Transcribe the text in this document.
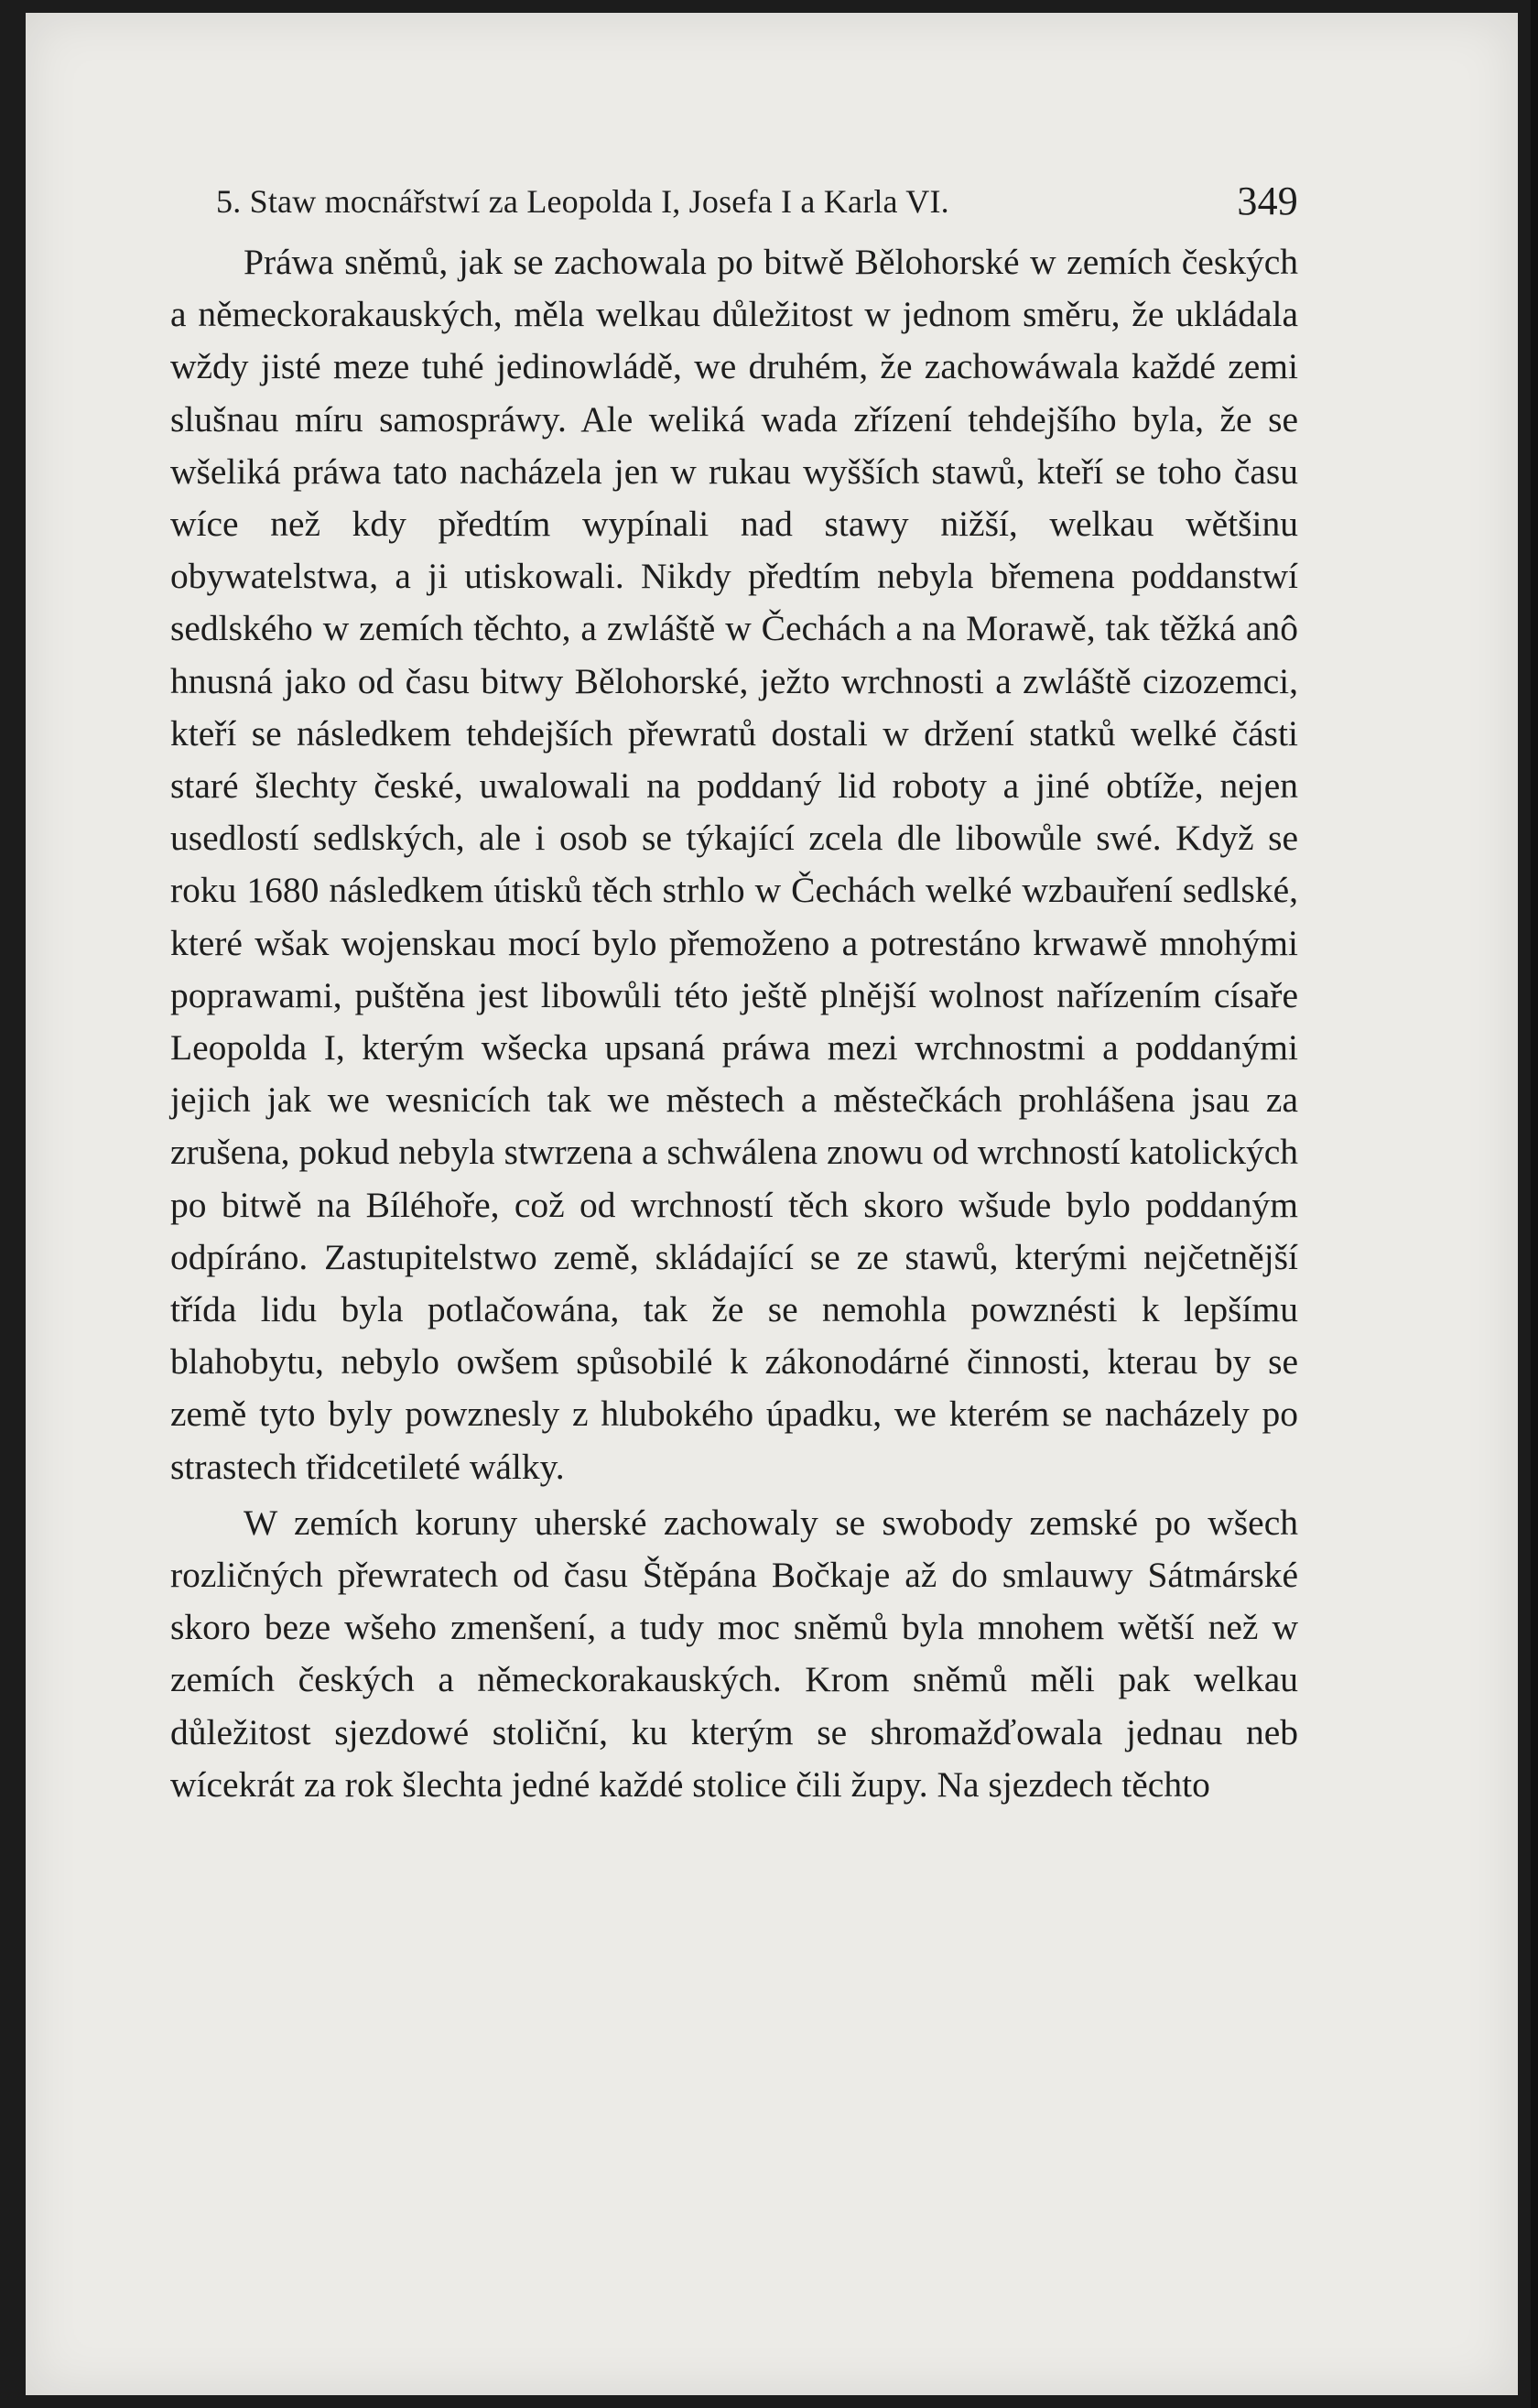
5. Staw mocnářstwí za Leopolda I, Josefa I a Karla VI.	349

Práwa sněmů, jak se zachowala po bitwě Bělohorské w zemích českých a německorakauských, měla welkau důležitost w jednom směru, že ukládala wždy jisté meze tuhé jedinowládě, we druhém, že zachowáwala každé zemi slušnau míru samospráwy. Ale weliká wada zřízení tehdejšího byla, že se wšeliká práwa tato nacházela jen w rukau wyšších stawů, kteří se toho času wíce než kdy předtím wypínali nad stawy nižší, welkau wětšinu obywatelstwa, a ji utiskowali. Nikdy předtím nebyla břemena poddanstwí sedlského w zemích těchto, a zwláště w Čechách a na Morawě, tak těžká anô hnusná jako od času bitwy Bělohorské, ježto wrchnosti a zwláště cizozemci, kteří se následkem tehdejších přewratů dostali w držení statků welké části staré šlechty české, uwalowali na poddaný lid roboty a jiné obtíže, nejen usedlostí sedlských, ale i osob se týkající zcela dle libowůle swé. Když se roku 1680 následkem útisků těch strhlo w Čechách welké wzbauření sedlské, které wšak wojenskau mocí bylo přemoženo a potrestáno krwawě mnohými poprawami, puštěna jest libowůli této ještě plnější wolnost nařízením císaře Leopolda I, kterým wšecka upsaná práwa mezi wrchnostmi a poddanými jejich jak we wesnicích tak we městech a městečkách prohlášena jsau za zrušena, pokud nebyla stwrzena a schwálena znowu od wrchností katolických po bitwě na Bíléhoře, což od wrchností těch skoro wšude bylo poddaným odpíráno. Zastupitelstwo země, skládající se ze stawů, kterými nejčetnější třída lidu byla potlačowána, tak že se nemohla powznésti k lepšímu blahobytu, nebylo owšem spůsobilé k zákonodárné činnosti, kterau by se země tyto byly powznesly z hlubokého úpadku, we kterém se nacházely po strastech třidcetileté wálky.

W zemích koruny uherské zachowaly se swobody zemské po wšech rozličných přewratech od času Štěpána Bočkaje až do smlauwy Sátmárské skoro beze wšeho zmenšení, a tudy moc sněmů byla mnohem wětší než w zemích českých a německorakauských. Krom sněmů měli pak welkau důležitost sjezdowé stoliční, ku kterým se shromažďowala jednau neb wícekrát za rok šlechta jedné každé stolice čili župy. Na sjezdech těchto
